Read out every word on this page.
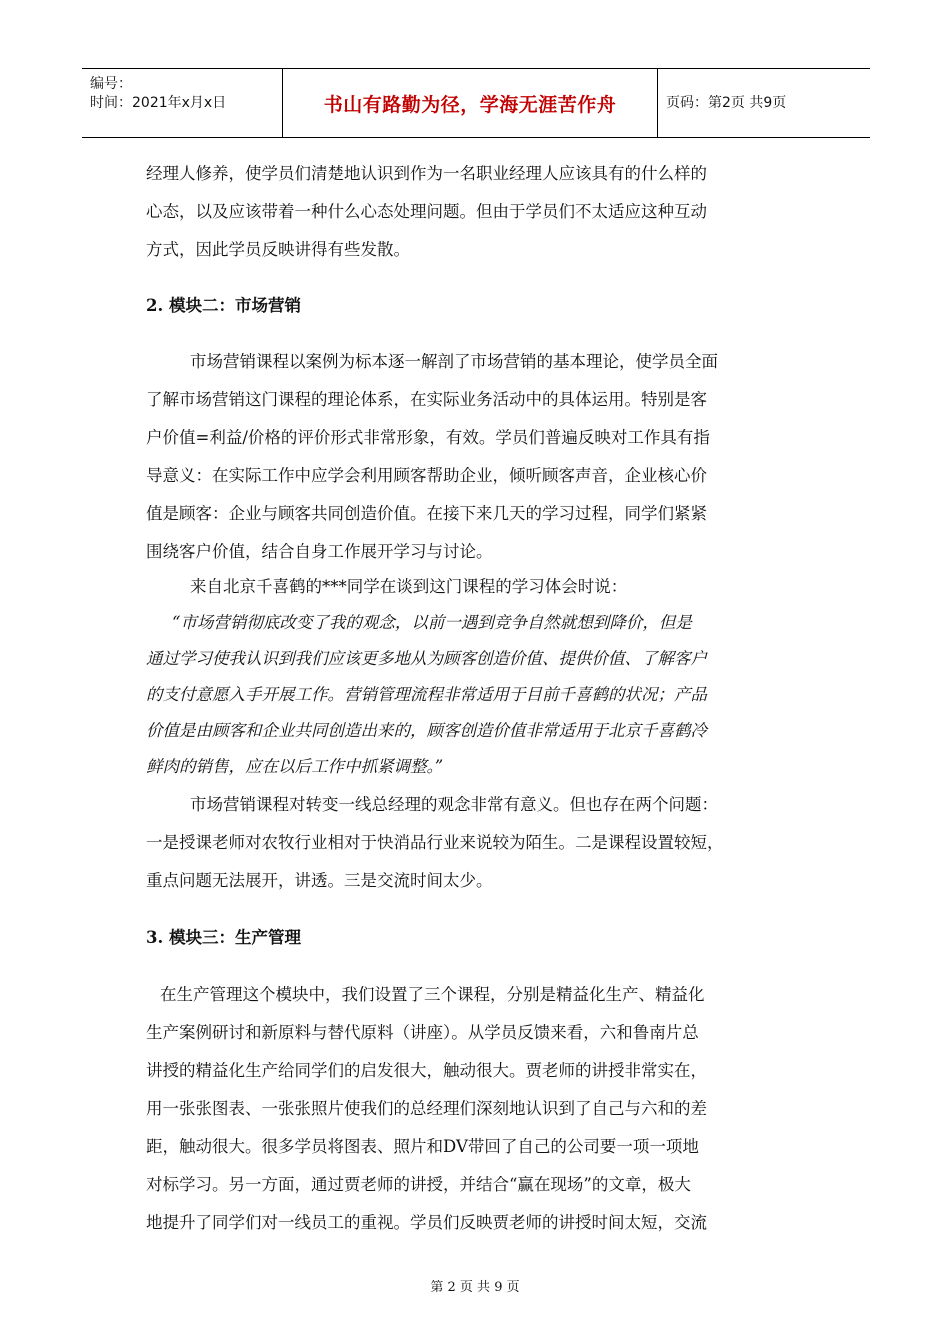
编号：
时间：2021年x月x日	书山有路勤为径，学海无涯苦作舟	页码：第2页 共9页
经理人修养，使学员们清楚地认识到作为一名职业经理人应该具有的什么样的
心态，以及应该带着一种什么心态处理问题。但由于学员们不太适应这种互动
方式，因此学员反映讲得有些发散。
2. 模块二：市场营销
市场营销课程以案例为标本逐一解剖了市场营销的基本理论，使学员全面
了解市场营销这门课程的理论体系，在实际业务活动中的具体运用。特别是客
户价值=利益/价格的评价形式非常形象，有效。学员们普遍反映对工作具有指
导意义：在实际工作中应学会利用顾客帮助企业，倾听顾客声音，企业核心价
值是顾客：企业与顾客共同创造价值。在接下来几天的学习过程，同学们紧紧
围绕客户价值，结合自身工作展开学习与讨论。
来自北京千喜鹤的***同学在谈到这门课程的学习体会时说：
“市场营销彻底改变了我的观念，以前一遇到竞争自然就想到降价，但是
通过学习使我认识到我们应该更多地从为顾客创造价值、提供价值、了解客户
的支付意愿入手开展工作。营销管理流程非常适用于目前千喜鹤的状况；产品
价值是由顾客和企业共同创造出来的，顾客创造价值非常适用于北京千喜鹤冷
鲜肉的销售，应在以后工作中抓紧调整。”
市场营销课程对转变一线总经理的观念非常有意义。但也存在两个问题：
一是授课老师对农牧行业相对于快消品行业来说较为陌生。二是课程设置较短，
重点问题无法展开，讲透。三是交流时间太少。
3. 模块三：生产管理
在生产管理这个模块中，我们设置了三个课程，分别是精益化生产、精益化
生产案例研讨和新原料与替代原料（讲座）。从学员反馈来看，六和鲁南片总
讲授的精益化生产给同学们的启发很大，触动很大。贾老师的讲授非常实在，
用一张张图表、一张张照片使我们的总经理们深刻地认识到了自己与六和的差
距，触动很大。很多学员将图表、照片和DV带回了自己的公司要一项一项地
对标学习。另一方面，通过贾老师的讲授，并结合“赢在现场”的文章，极大
地提升了同学们对一线员工的重视。学员们反映贾老师的讲授时间太短，交流
第 2 页 共 9 页
